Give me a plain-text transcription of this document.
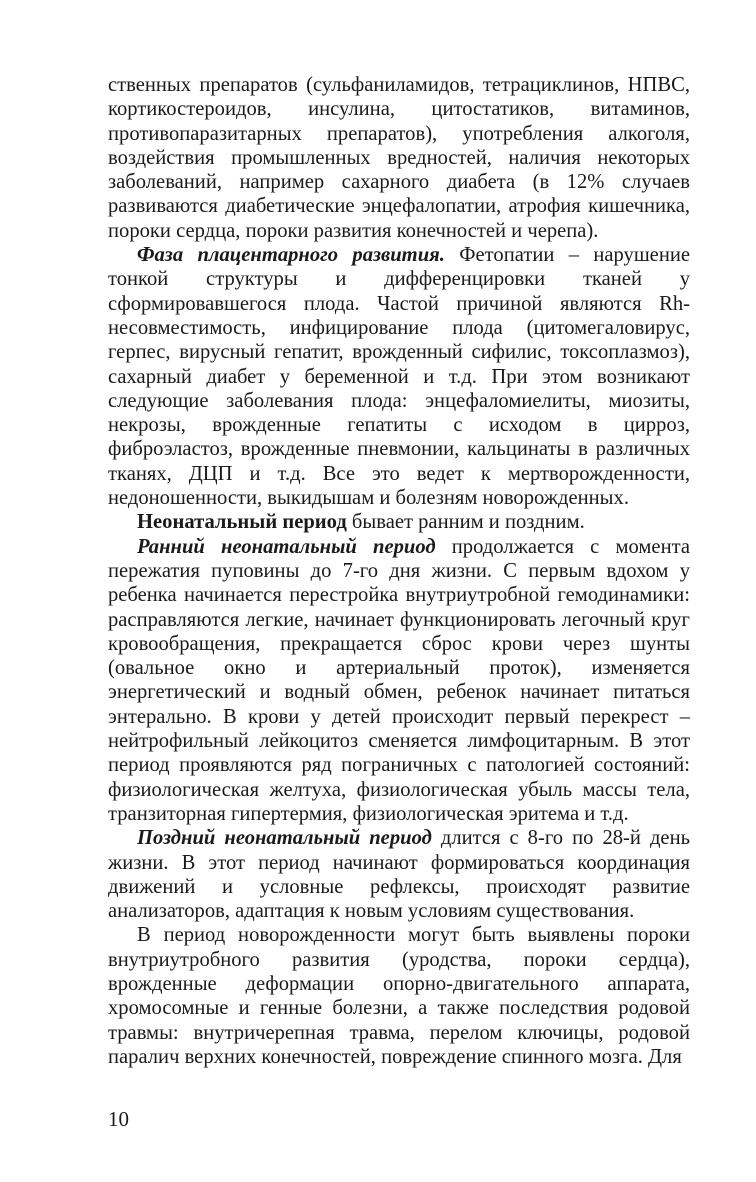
ственных препаратов (сульфаниламидов, тетрациклинов, НПВС, кортикостероидов, инсулина, цитостатиков, витаминов, противопаразитарных препаратов), употребления алкоголя, воздействия промышленных вредностей, наличия некоторых заболеваний, например сахарного диабета (в 12% случаев развиваются диабетические энцефалопатии, атрофия кишечника, пороки сердца, пороки развития конечностей и черепа).

Фаза плацентарного развития. Фетопатии – нарушение тонкой структуры и дифференцировки тканей у сформировавшегося плода. Частой причиной являются Rh-несовместимость, инфицирование плода (цитомегаловирус, герпес, вирусный гепатит, врожденный сифилис, токсоплазмоз), сахарный диабет у беременной и т.д. При этом возникают следующие заболевания плода: энцефаломиелиты, миозиты, некрозы, врожденные гепатиты с исходом в цирроз, фиброэластоз, врожденные пневмонии, кальцинаты в различных тканях, ДЦП и т.д. Все это ведет к мертворожденности, недоношенности, выкидышам и болезням новорожденных.

Неонатальный период бывает ранним и поздним.

Ранний неонатальный период продолжается с момента пережатия пуповины до 7-го дня жизни. С первым вдохом у ребенка начинается перестройка внутриутробной гемодинамики: расправляются легкие, начинает функционировать легочный круг кровообращения, прекращается сброс крови через шунты (овальное окно и артериальный проток), изменяется энергетический и водный обмен, ребенок начинает питаться энтерально. В крови у детей происходит первый перекрест – нейтрофильный лейкоцитоз сменяется лимфоцитарным. В этот период проявляются ряд пограничных с патологией состояний: физиологическая желтуха, физиологическая убыль массы тела, транзиторная гипертермия, физиологическая эритема и т.д.

Поздний неонатальный период длится с 8-го по 28-й день жизни. В этот период начинают формироваться координация движений и условные рефлексы, происходят развитие анализаторов, адаптация к новым условиям существования.

В период новорожденности могут быть выявлены пороки внутриутробного развития (уродства, пороки сердца), врожденные деформации опорно-двигательного аппарата, хромосомные и генные болезни, а также последствия родовой травмы: внутричерепная травма, перелом ключицы, родовой паралич верхних конечностей, повреждение спинного мозга. Для

10
